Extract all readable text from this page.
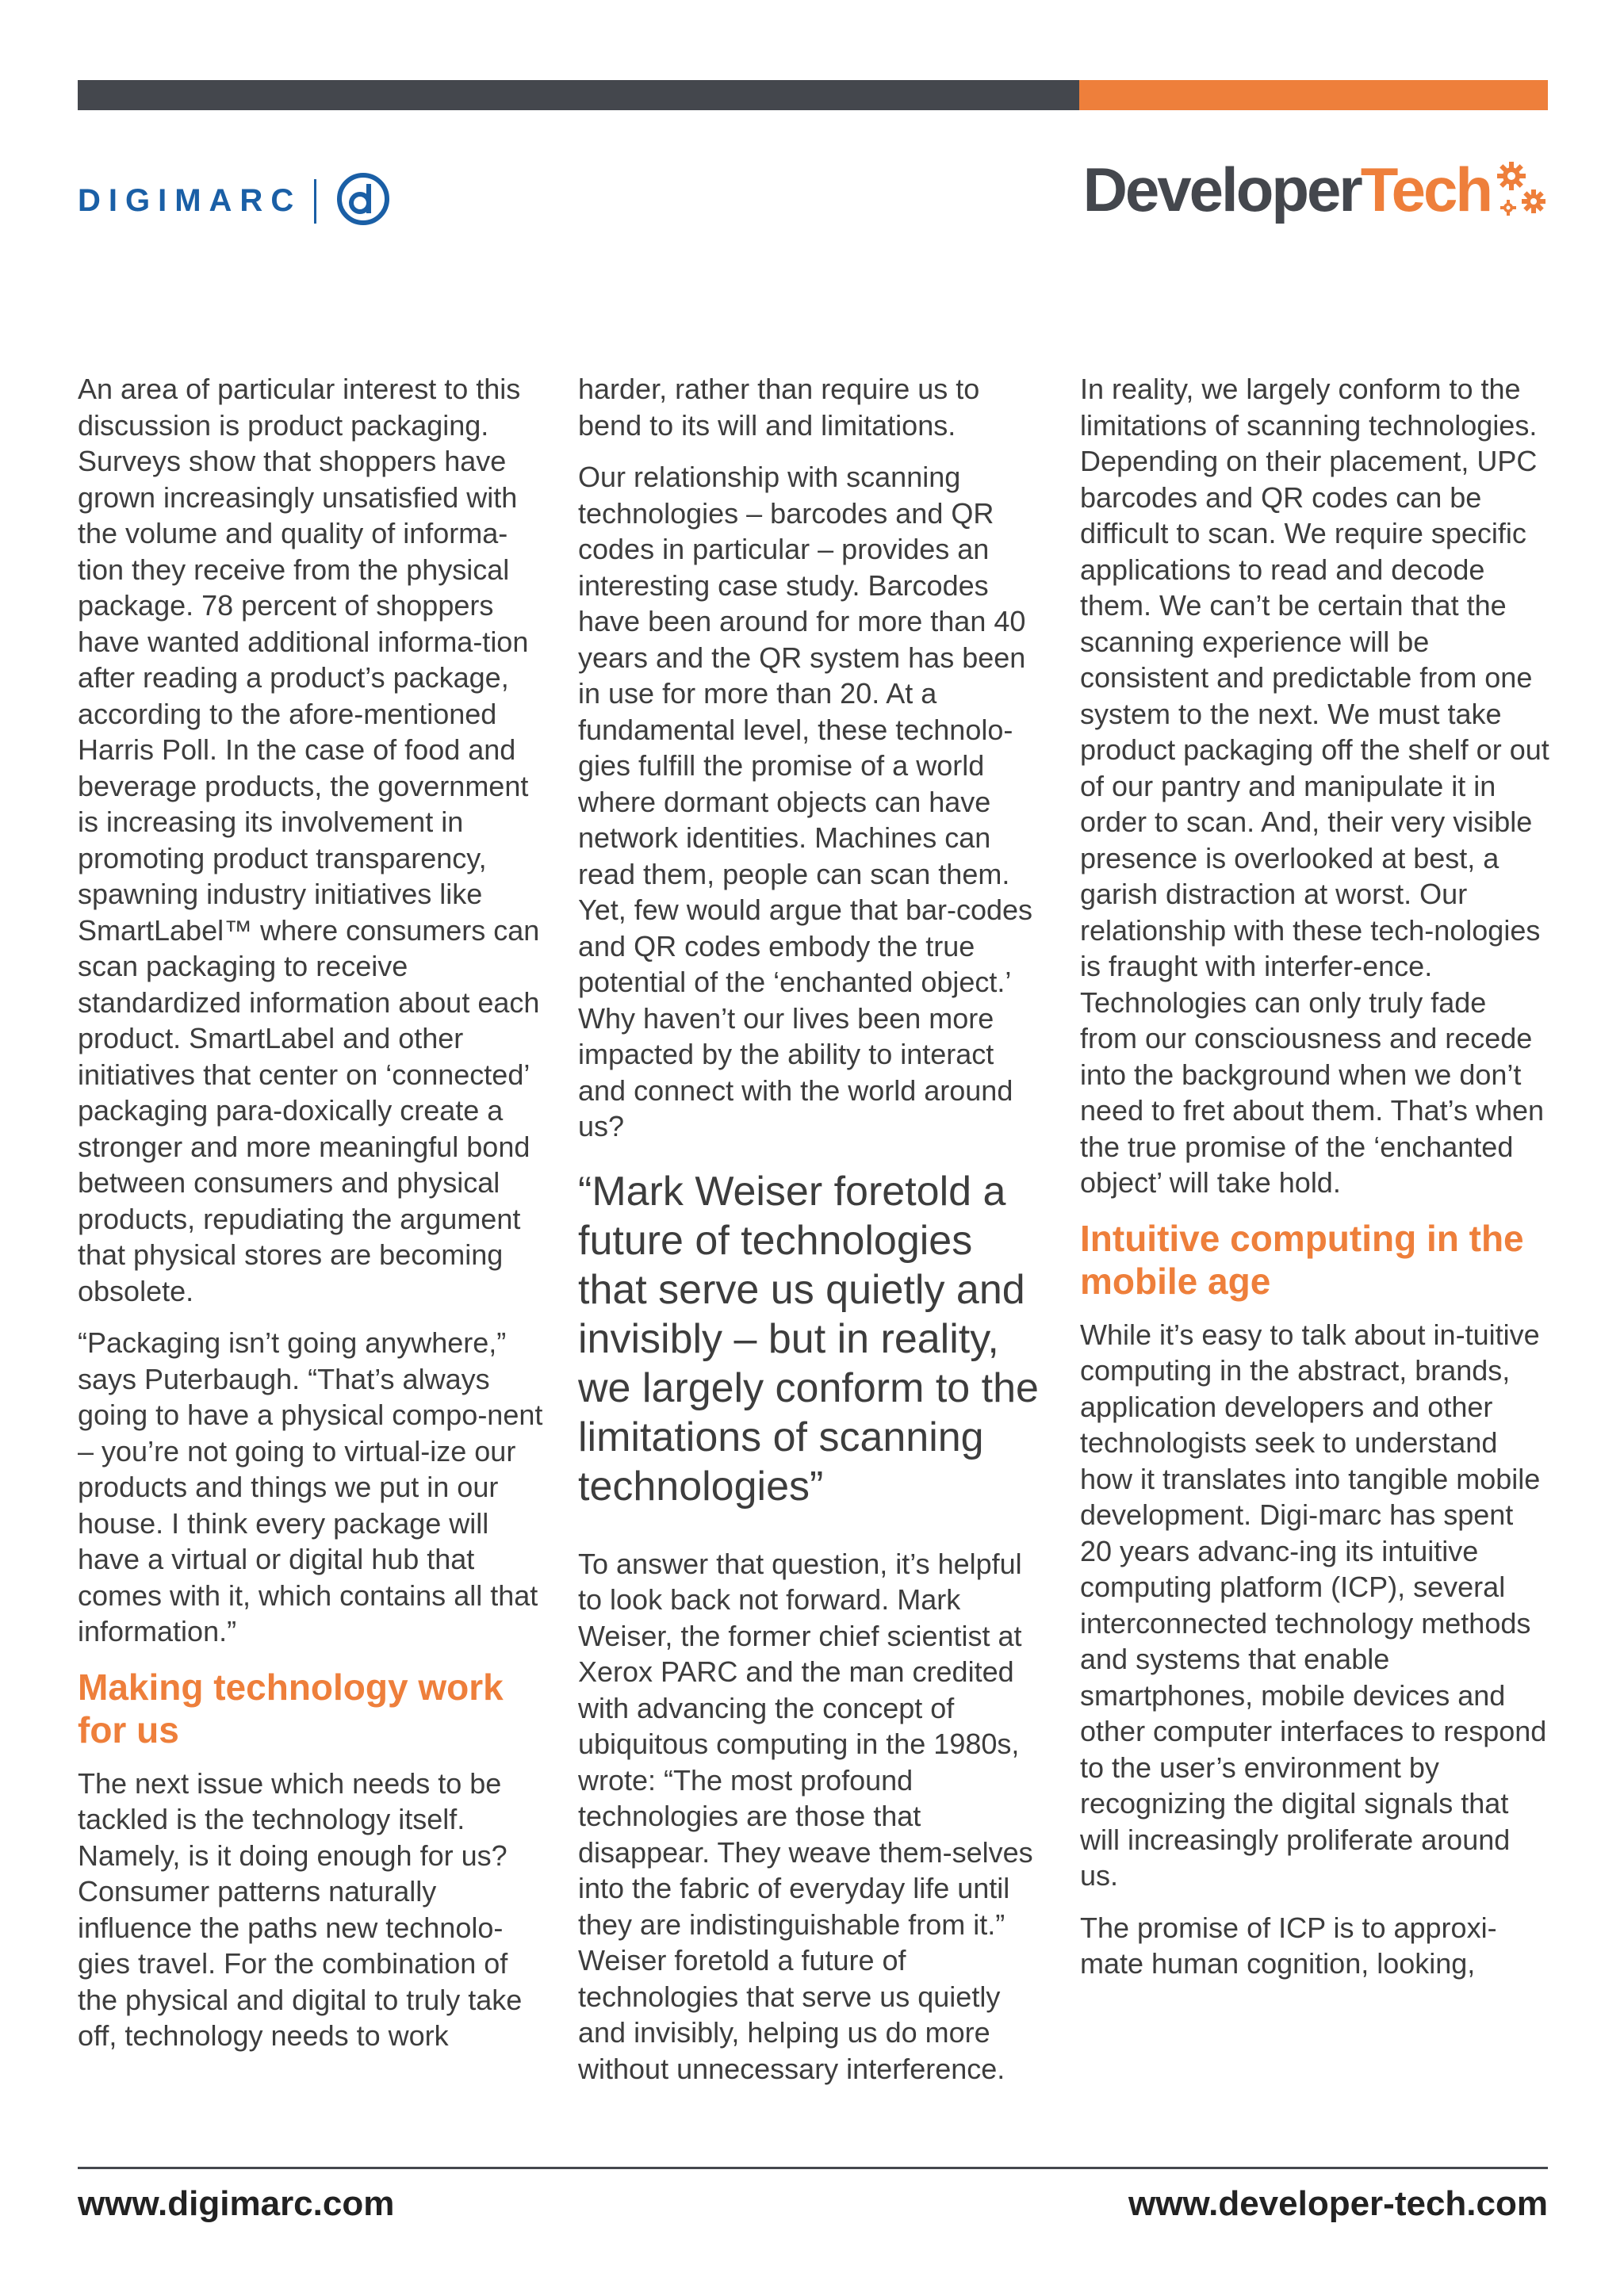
DIGIMARC	DeveloperTech

An area of particular interest to this discussion is product packaging. Surveys show that shoppers have grown increasingly unsatisfied with the volume and quality of informa-tion they receive from the physical package. 78 percent of shoppers have wanted additional informa-tion after reading a product’s package, according to the afore-mentioned Harris Poll. In the case of food and beverage products, the government is increasing its involvement in promoting product transparency, spawning industry initiatives like SmartLabel™ where consumers can scan packaging to receive standardized information about each product. SmartLabel and other initiatives that center on ‘connected’ packaging para-doxically create a stronger and more meaningful bond between consumers and physical products, repudiating the argument that physical stores are becoming obsolete.

“Packaging isn’t going anywhere,” says Puterbaugh. “That’s always going to have a physical compo-nent – you’re not going to virtual-ize our products and things we put in our house. I think every package will have a virtual or digital hub that comes with it, which contains all that information.”

Making technology work for us

The next issue which needs to be tackled is the technology itself. Namely, is it doing enough for us? Consumer patterns naturally influence the paths new technolo-gies travel. For the combination of the physical and digital to truly take off, technology needs to work

harder, rather than require us to bend to its will and limitations.

Our relationship with scanning technologies – barcodes and QR codes in particular – provides an interesting case study. Barcodes have been around for more than 40 years and the QR system has been in use for more than 20. At a fundamental level, these technolo-gies fulfill the promise of a world where dormant objects can have network identities. Machines can read them, people can scan them. Yet, few would argue that bar-codes and QR codes embody the true potential of the ‘enchanted object.’ Why haven’t our lives been more impacted by the ability to interact and connect with the world around us?

“Mark Weiser foretold a future of technologies that serve us quietly and invisibly – but in reality, we largely conform to the limitations of scanning technologies”

To answer that question, it’s helpful to look back not forward. Mark Weiser, the former chief scientist at Xerox PARC and the man credited with advancing the concept of ubiquitous computing in the 1980s, wrote: “The most profound technologies are those that disappear. They weave them-selves into the fabric of everyday life until they are indistinguishable from it.” Weiser foretold a future of technologies that serve us quietly and invisibly, helping us do more without unnecessary interference.

In reality, we largely conform to the limitations of scanning technologies. Depending on their placement, UPC barcodes and QR codes can be difficult to scan. We require specific applications to read and decode them. We can’t be certain that the scanning experience will be consistent and predictable from one system to the next. We must take product packaging off the shelf or out of our pantry and manipulate it in order to scan. And, their very visible presence is overlooked at best, a garish distraction at worst. Our relationship with these tech-nologies is fraught with interfer-ence. Technologies can only truly fade from our consciousness and recede into the background when we don’t need to fret about them. That’s when the true promise of the ‘enchanted object’ will take hold.

Intuitive computing in the mobile age

While it’s easy to talk about in-tuitive computing in the abstract, brands, application developers and other technologists seek to understand how it translates into tangible mobile development. Digi-marc has spent 20 years advanc-ing its intuitive computing platform (ICP), several interconnected technology methods and systems that enable smartphones, mobile devices and other computer interfaces to respond to the user’s environment by recognizing the digital signals that will increasingly proliferate around us.

The promise of ICP is to approxi-mate human cognition, looking,

www.digimarc.com	www.developer-tech.com
